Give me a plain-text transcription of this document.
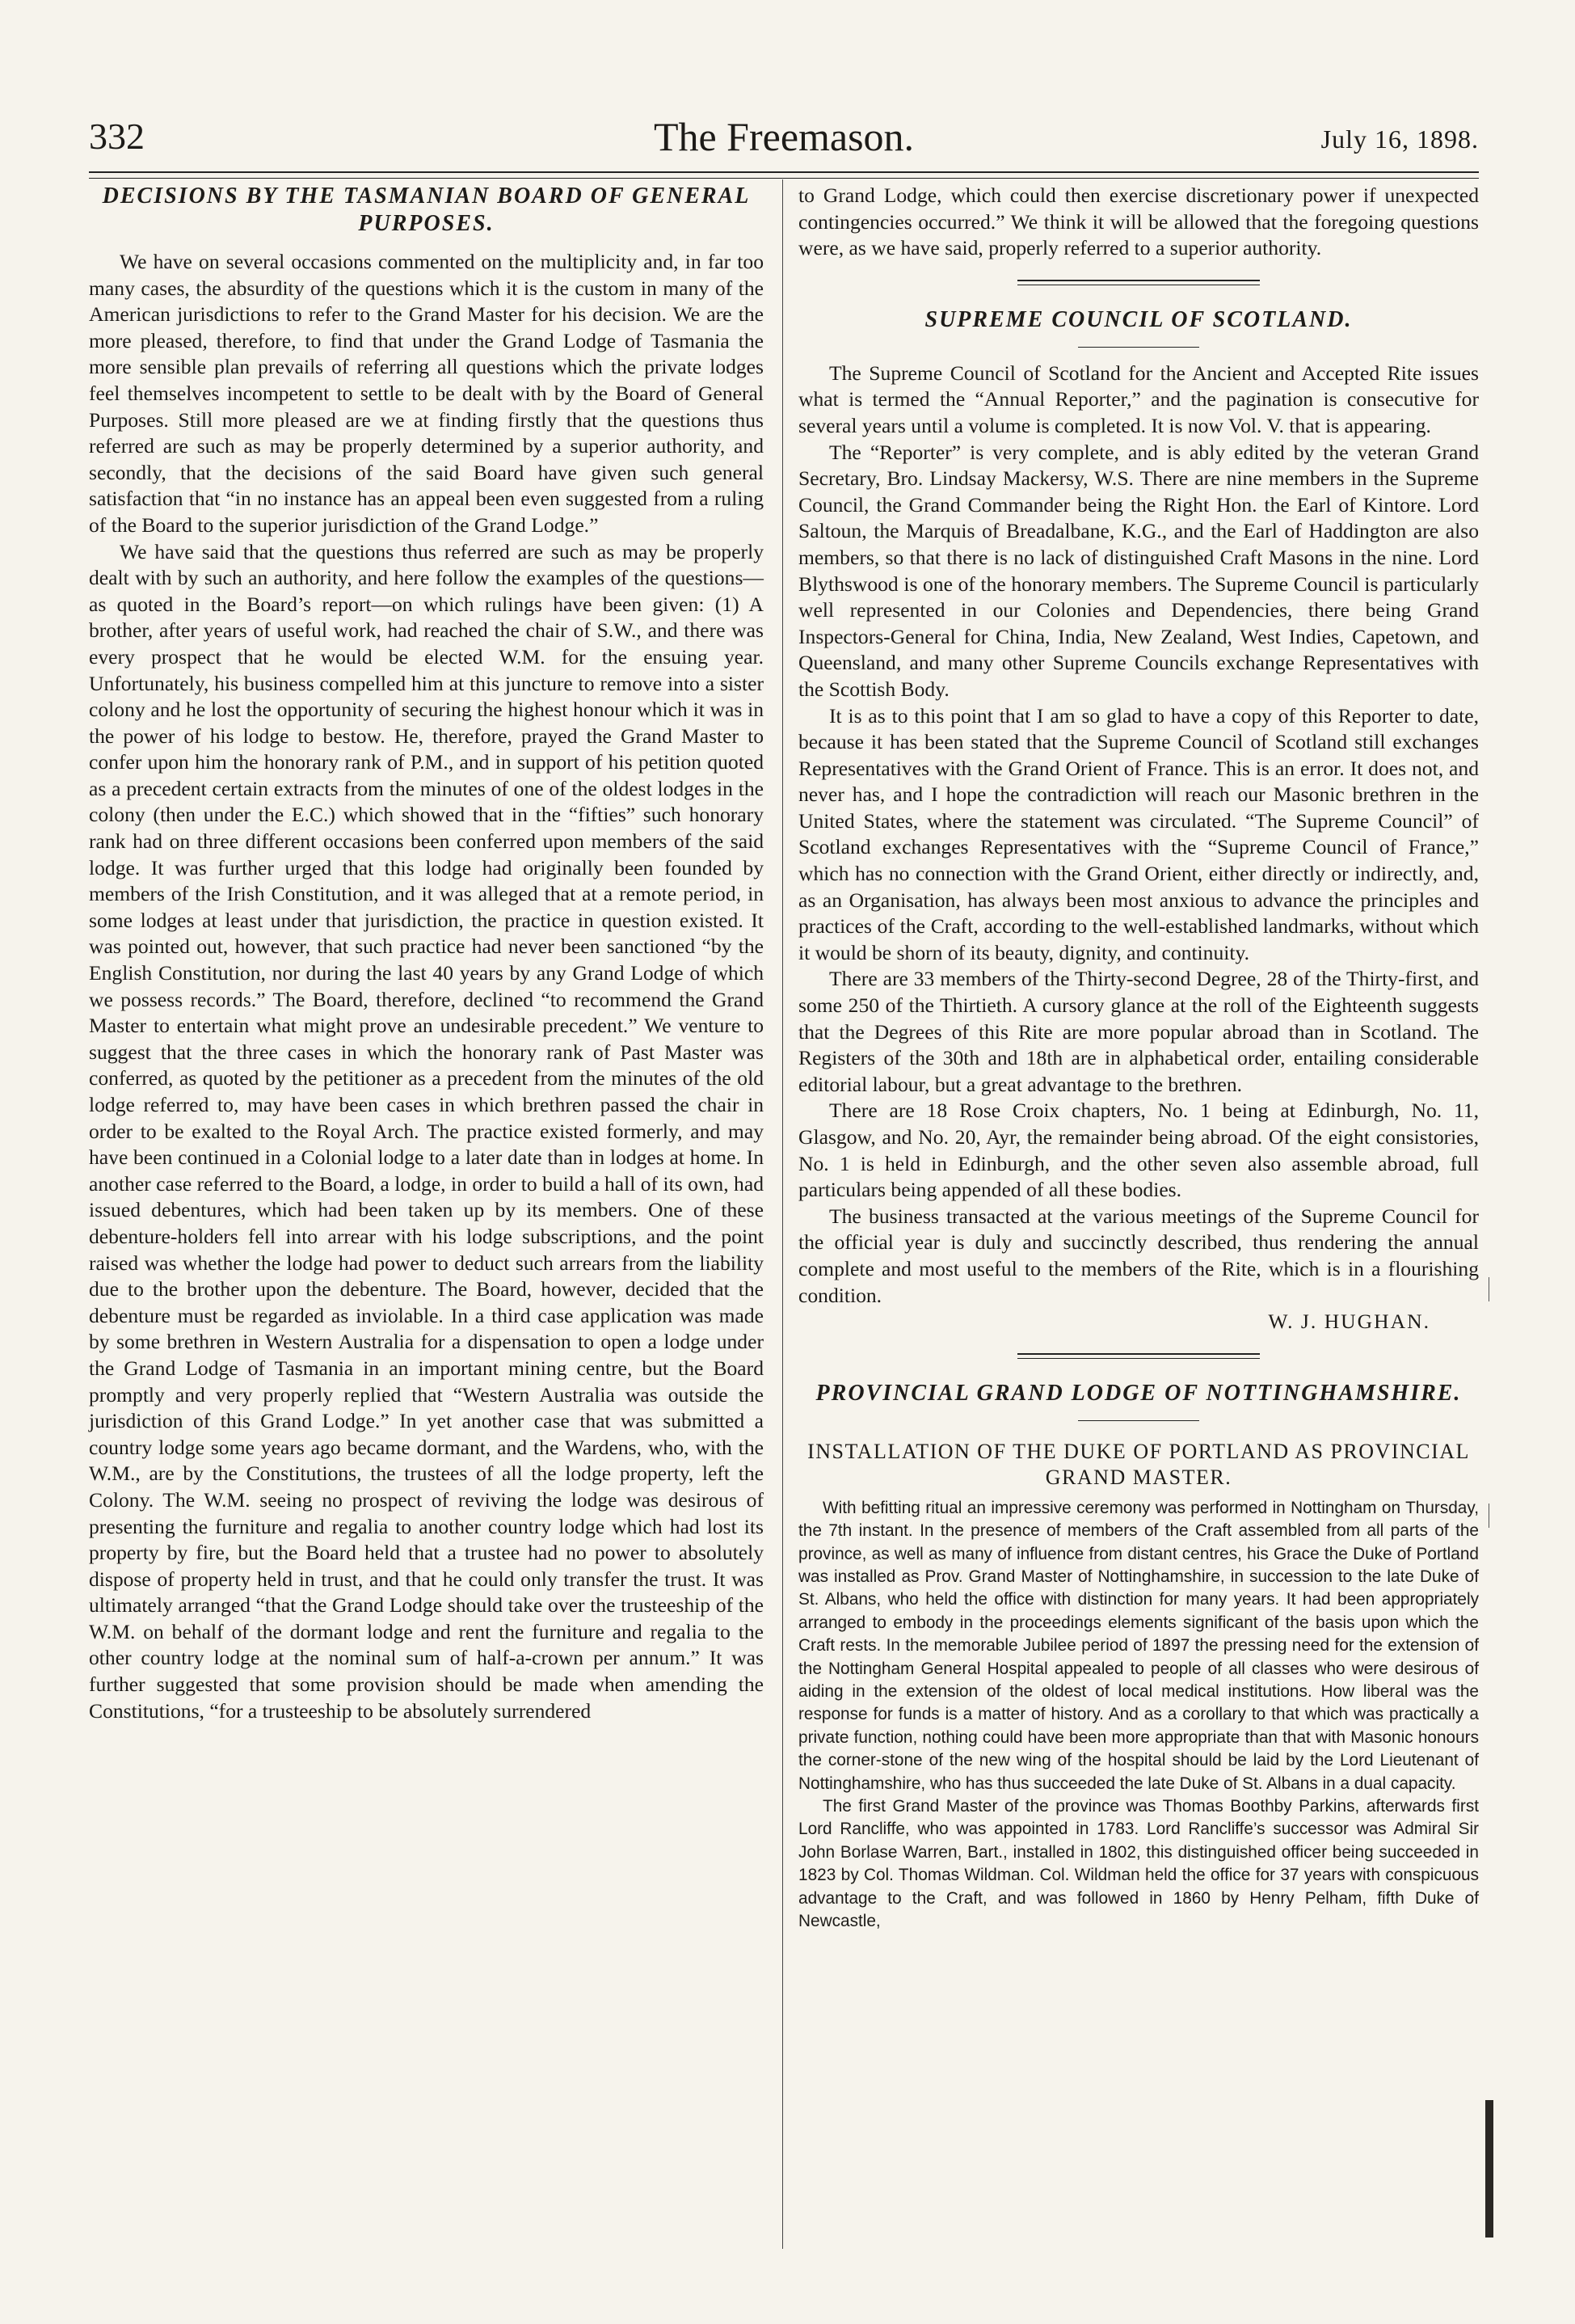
332	The Freemason.	July 16, 1898.
DECISIONS BY THE TASMANIAN BOARD OF GENERAL PURPOSES.

We have on several occasions commented on the multiplicity and, in far too many cases, the absurdity of the questions which it is the custom in many of the American jurisdictions to refer to the Grand Master for his decision. We are the more pleased, therefore, to find that under the Grand Lodge of Tasmania the more sensible plan prevails of referring all questions which the private lodges feel themselves incompetent to settle to be dealt with by the Board of General Purposes. Still more pleased are we at finding firstly that the questions thus referred are such as may be properly determined by a superior authority, and secondly, that the decisions of the said Board have given such general satisfaction that “in no instance has an appeal been even suggested from a ruling of the Board to the superior jurisdiction of the Grand Lodge.”

We have said that the questions thus referred are such as may be properly dealt with by such an authority, and here follow the examples of the questions—as quoted in the Board’s report—on which rulings have been given: (1) A brother, after years of useful work, had reached the chair of S.W., and there was every prospect that he would be elected W.M. for the ensuing year. Unfortunately, his business compelled him at this juncture to remove into a sister colony and he lost the opportunity of securing the highest honour which it was in the power of his lodge to bestow. He, therefore, prayed the Grand Master to confer upon him the honorary rank of P.M., and in support of his petition quoted as a precedent certain extracts from the minutes of one of the oldest lodges in the colony (then under the E.C.) which showed that in the “fifties” such honorary rank had on three different occasions been conferred upon members of the said lodge. It was further urged that this lodge had originally been founded by members of the Irish Constitution, and it was alleged that at a remote period, in some lodges at least under that jurisdiction, the practice in question existed. It was pointed out, however, that such practice had never been sanctioned “by the English Constitution, nor during the last 40 years by any Grand Lodge of which we possess records.” The Board, therefore, declined “to recommend the Grand Master to entertain what might prove an undesirable precedent.” We venture to suggest that the three cases in which the honorary rank of Past Master was conferred, as quoted by the petitioner as a precedent from the minutes of the old lodge referred to, may have been cases in which brethren passed the chair in order to be exalted to the Royal Arch. The practice existed formerly, and may have been continued in a Colonial lodge to a later date than in lodges at home. In another case referred to the Board, a lodge, in order to build a hall of its own, had issued debentures, which had been taken up by its members. One of these debenture-holders fell into arrear with his lodge subscriptions, and the point raised was whether the lodge had power to deduct such arrears from the liability due to the brother upon the debenture. The Board, however, decided that the debenture must be regarded as inviolable. In a third case application was made by some brethren in Western Australia for a dispensation to open a lodge under the Grand Lodge of Tasmania in an important mining centre, but the Board promptly and very properly replied that “Western Australia was outside the jurisdiction of this Grand Lodge.” In yet another case that was submitted a country lodge some years ago became dormant, and the Wardens, who, with the W.M., are by the Constitutions, the trustees of all the lodge property, left the Colony. The W.M. seeing no prospect of reviving the lodge was desirous of presenting the furniture and regalia to another country lodge which had lost its property by fire, but the Board held that a trustee had no power to absolutely dispose of property held in trust, and that he could only transfer the trust. It was ultimately arranged “that the Grand Lodge should take over the trusteeship of the W.M. on behalf of the dormant lodge and rent the furniture and regalia to the other country lodge at the nominal sum of half-a-crown per annum.” It was further suggested that some provision should be made when amending the Constitutions, “for a trusteeship to be absolutely surrendered

to Grand Lodge, which could then exercise discretionary power if unexpected contingencies occurred.” We think it will be allowed that the foregoing questions were, as we have said, properly referred to a superior authority.

SUPREME COUNCIL OF SCOTLAND.

The Supreme Council of Scotland for the Ancient and Accepted Rite issues what is termed the “Annual Reporter,” and the pagination is consecutive for several years until a volume is completed. It is now Vol. V. that is appearing.

The “Reporter” is very complete, and is ably edited by the veteran Grand Secretary, Bro. Lindsay Mackersy, W.S. There are nine members in the Supreme Council, the Grand Commander being the Right Hon. the Earl of Kintore. Lord Saltoun, the Marquis of Breadalbane, K.G., and the Earl of Haddington are also members, so that there is no lack of distinguished Craft Masons in the nine. Lord Blythswood is one of the honorary members. The Supreme Council is particularly well represented in our Colonies and Dependencies, there being Grand Inspectors-General for China, India, New Zealand, West Indies, Capetown, and Queensland, and many other Supreme Councils exchange Representatives with the Scottish Body.

It is as to this point that I am so glad to have a copy of this Reporter to date, because it has been stated that the Supreme Council of Scotland still exchanges Representatives with the Grand Orient of France. This is an error. It does not, and never has, and I hope the contradiction will reach our Masonic brethren in the United States, where the statement was circulated. “The Supreme Council” of Scotland exchanges Representatives with the “Supreme Council of France,” which has no connection with the Grand Orient, either directly or indirectly, and, as an Organisation, has always been most anxious to advance the principles and practices of the Craft, according to the well-established landmarks, without which it would be shorn of its beauty, dignity, and continuity.

There are 33 members of the Thirty-second Degree, 28 of the Thirty-first, and some 250 of the Thirtieth. A cursory glance at the roll of the Eighteenth suggests that the Degrees of this Rite are more popular abroad than in Scotland. The Registers of the 30th and 18th are in alphabetical order, entailing considerable editorial labour, but a great advantage to the brethren.

There are 18 Rose Croix chapters, No. 1 being at Edinburgh, No. 11, Glasgow, and No. 20, Ayr, the remainder being abroad. Of the eight consistories, No. 1 is held in Edinburgh, and the other seven also assemble abroad, full particulars being appended of all these bodies.

The business transacted at the various meetings of the Supreme Council for the official year is duly and succinctly described, thus rendering the annual complete and most useful to the members of the Rite, which is in a flourishing condition.

W. J. HUGHAN.

PROVINCIAL GRAND LODGE OF NOTTINGHAMSHIRE.
INSTALLATION OF THE DUKE OF PORTLAND AS PROVINCIAL GRAND MASTER.

With befitting ritual an impressive ceremony was performed in Nottingham on Thursday, the 7th instant. In the presence of members of the Craft assembled from all parts of the province, as well as many of influence from distant centres, his Grace the Duke of Portland was installed as Prov. Grand Master of Nottinghamshire, in succession to the late Duke of St. Albans, who held the office with distinction for many years. It had been appropriately arranged to embody in the proceedings elements significant of the basis upon which the Craft rests. In the memorable Jubilee period of 1897 the pressing need for the extension of the Nottingham General Hospital appealed to people of all classes who were desirous of aiding in the extension of the oldest of local medical institutions. How liberal was the response for funds is a matter of history. And as a corollary to that which was practically a private function, nothing could have been more appropriate than that with Masonic honours the corner-stone of the new wing of the hospital should be laid by the Lord Lieutenant of Nottinghamshire, who has thus succeeded the late Duke of St. Albans in a dual capacity.

The first Grand Master of the province was Thomas Boothby Parkins, afterwards first Lord Rancliffe, who was appointed in 1783. Lord Rancliffe’s successor was Admiral Sir John Borlase Warren, Bart., installed in 1802, this distinguished officer being succeeded in 1823 by Col. Thomas Wildman. Col. Wildman held the office for 37 years with conspicuous advantage to the Craft, and was followed in 1860 by Henry Pelham, fifth Duke of Newcastle,
